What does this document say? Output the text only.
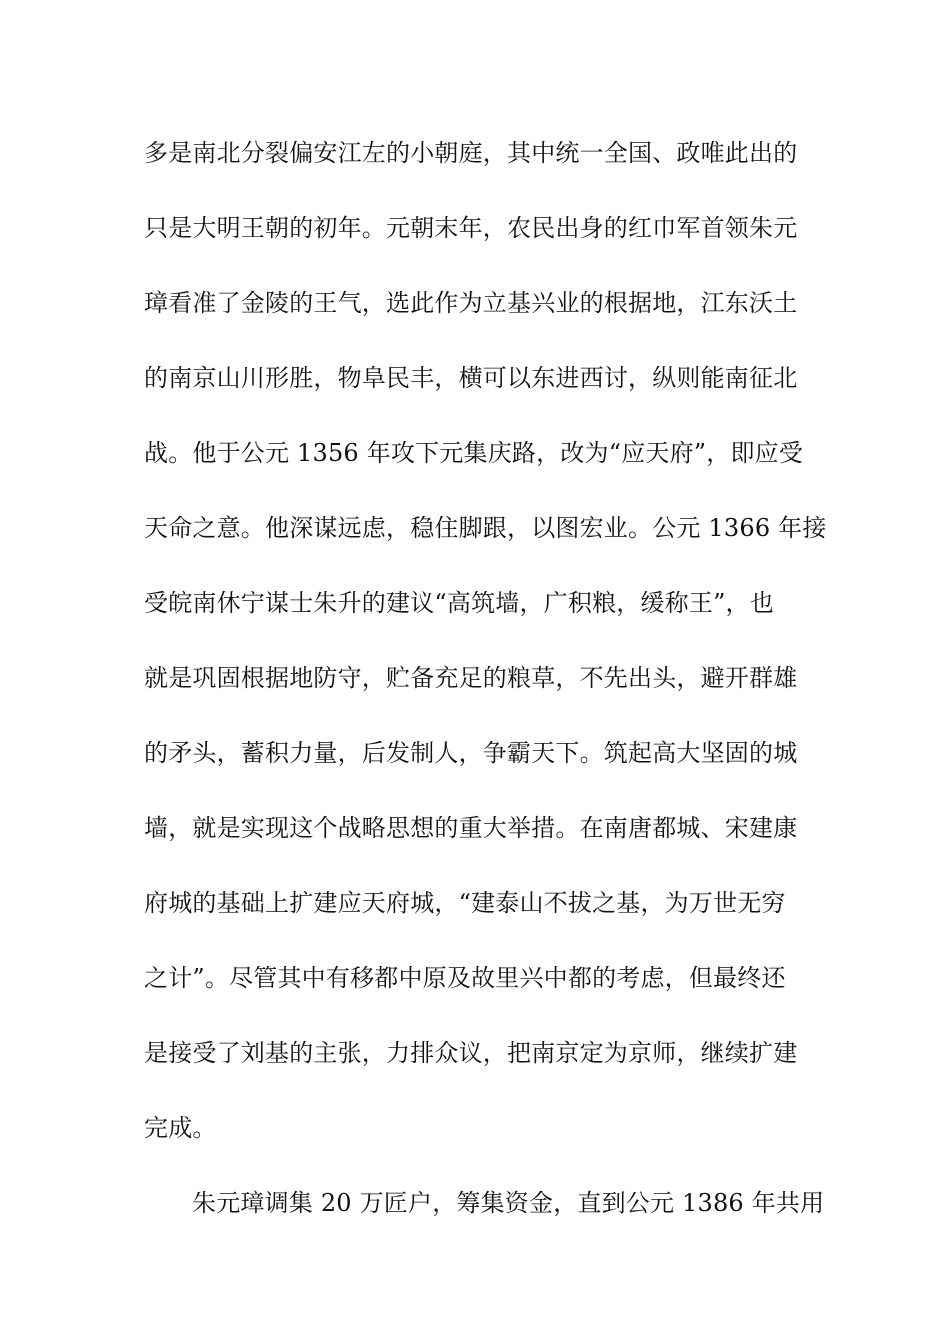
多是南北分裂偏安江左的小朝庭，其中统一全国、政唯此出的
只是大明王朝的初年。元朝末年，农民出身的红巾军首领朱元
璋看准了金陵的王气，选此作为立基兴业的根据地，江东沃土
的南京山川形胜，物阜民丰，横可以东进西讨，纵则能南征北
战。他于公元 1356 年攻下元集庆路，改为“应天府”，即应受
天命之意。他深谋远虑，稳住脚跟，以图宏业。公元 1366 年接
受皖南休宁谋士朱升的建议“高筑墙，广积粮，缓称王”，也
就是巩固根据地防守，贮备充足的粮草，不先出头，避开群雄
的矛头，蓄积力量，后发制人，争霸天下。筑起高大坚固的城
墙，就是实现这个战略思想的重大举措。在南唐都城、宋建康
府城的基础上扩建应天府城，“建泰山不拔之基，为万世无穷
之计”。尽管其中有移都中原及故里兴中都的考虑，但最终还
是接受了刘基的主张，力排众议，把南京定为京师，继续扩建
完成。
朱元璋调集 20 万匠户，筹集资金，直到公元 1386 年共用
